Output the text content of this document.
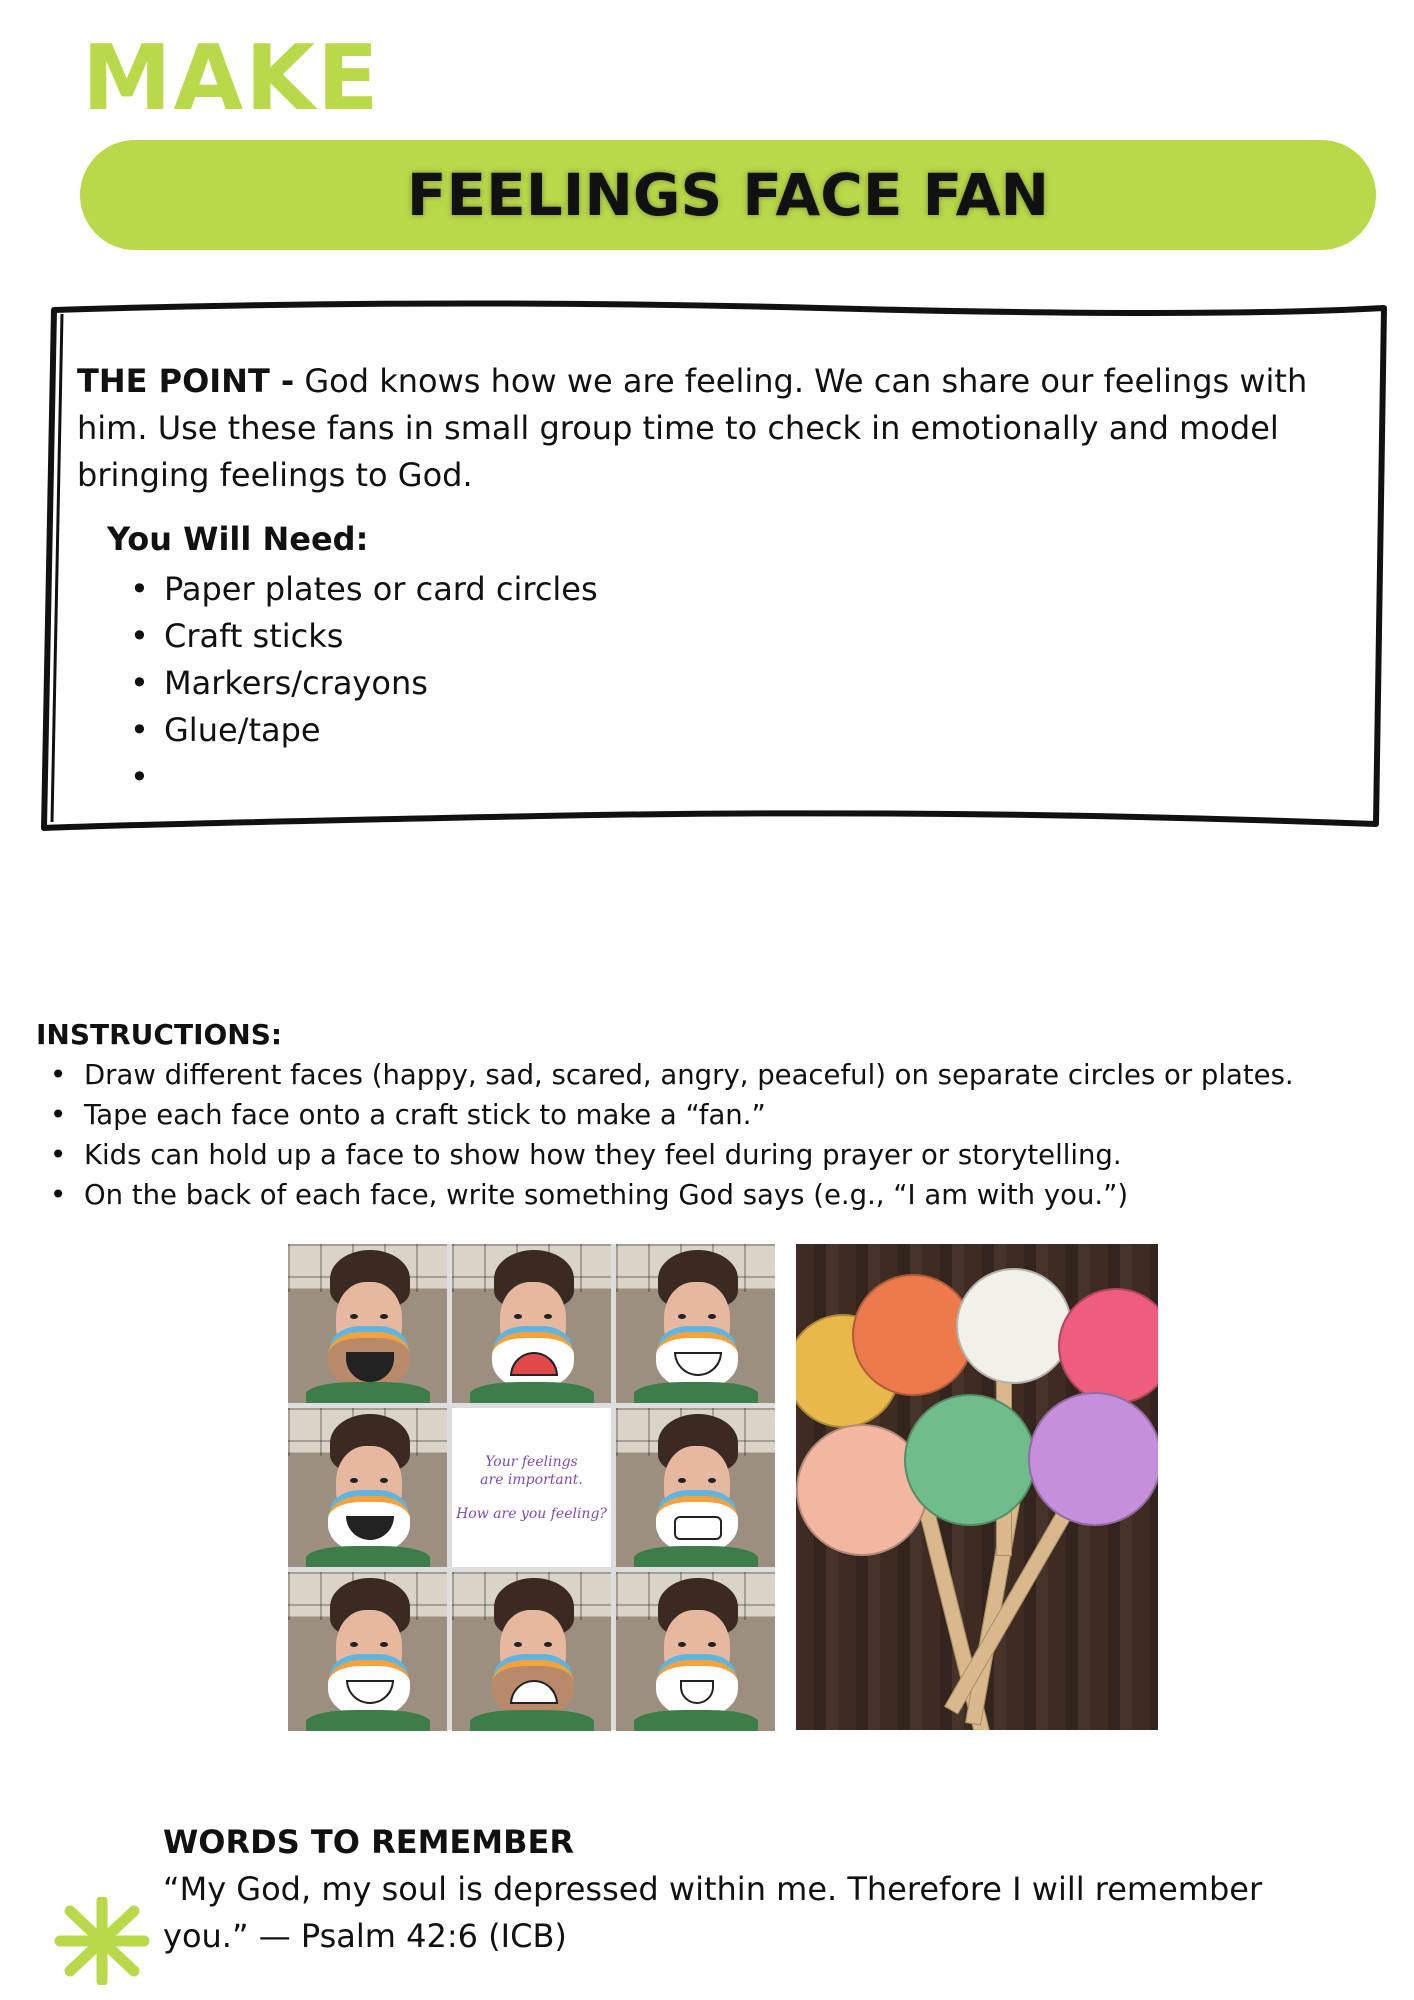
MAKE
FEELINGS FACE FAN
THE POINT - God knows how we are feeling. We can share our feelings with him. Use these fans in small group time to check in emotionally and model bringing feelings to God.
You Will Need:
• Paper plates or card circles
• Craft sticks
• Markers/crayons
• Glue/tape
•
INSTRUCTIONS:
• Draw different faces (happy, sad, scared, angry, peaceful) on separate circles or plates.
• Tape each face onto a craft stick to make a “fan.”
• Kids can hold up a face to show how they feel during prayer or storytelling.
• On the back of each face, write something God says (e.g., “I am with you.”)
Your feelings
are important.
How are you feeling?
WORDS TO REMEMBER
“My God, my soul is depressed within me. Therefore I will remember you.” — Psalm 42:6 (ICB)
